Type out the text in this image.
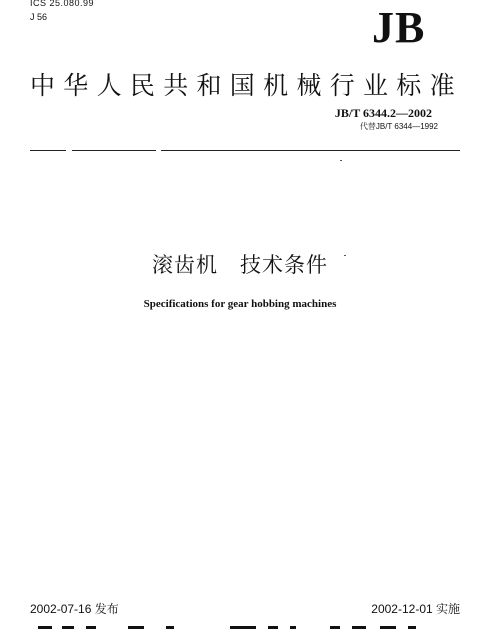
ICS 25.080.99
J 56	JB
中华人民共和国机械行业标准
JB/T 6344.2—2002
代替JB/T 6344—1992
滚齿机　技术条件
Specifications for gear hobbing machines
2002-07-16 发布	2002-12-01 实施
